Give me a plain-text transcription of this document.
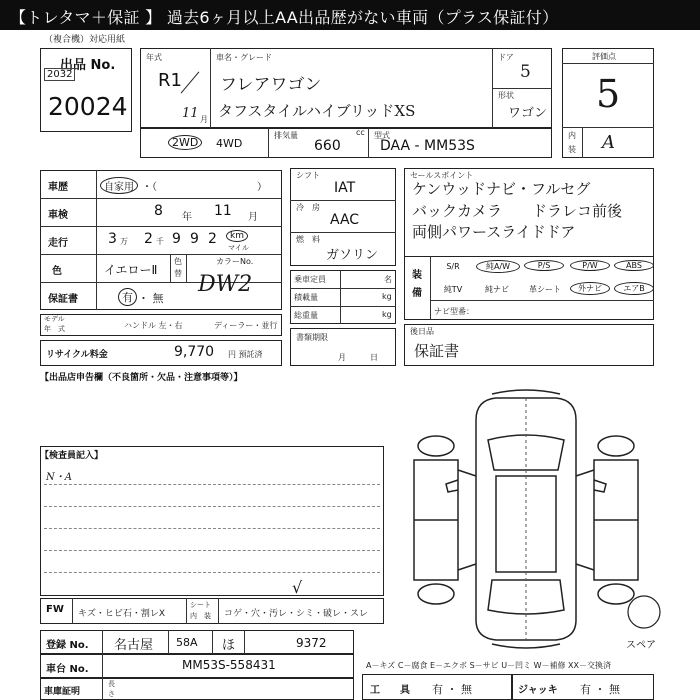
【トレタマ＋保証 】 過去6ヶ月以上AA出品歴がない車両（プラス保証付）
（複合機）対応用紙
出品 No.
2032
20024
年式
R1
11 月
車名・グレード
フレアワゴン
タフスタイルハイブリッドXS
ドア
5
形状
ワゴン
2WD	4WD
排気量	cc
660
型式
DAA - MM53S
評価点
5
内
装 A
車歴	自家用 ・（　　　　　　　　　　）
車検	8 年 11 月
走行	3 万 2 千 9 9 2	km
マイル
色	イエローⅡ
色
替
カラーNo.
保証書	有 ・ 無
DW2
モデル
年　式	ハンドル 左・右	ディーラー・並行
リサイクル料金	9,770 円 預託済
【出品店申告欄（不良箇所・欠品・注意事項等）】
シフト
IAT
冷　房
AAC
燃　料
ガソリン
乗車定員	名
積載量	kg
総重量	kg
書類期限
月　　　日
セールスポイント
ケンウッドナビ・フルセグ
バックカメラ　　ドラレコ前後
両側パワースライドドア
装
備
S/R	純A/W	P/S	P/W	ABS
純TV	純ナビ	革シート	外ナビ	エアB
ナビ型番：
後日品
保証書
【検査員記入】
N・A
FW キズ・ヒビ石・割レX
シート
内　装 コゲ・穴・汚レ・シミ・破レ・スレ
√
登録 No. 名古屋 58A ほ	9372
車台 No.	MM53S-558431
車庫証明
長
さ
A－キズ C－腐食 E－エクボ S－サビ U－凹ミ W－補修 XX－交換済
工　　具 有 ・ 無	ジャッキ 有 ・ 無
スペア
